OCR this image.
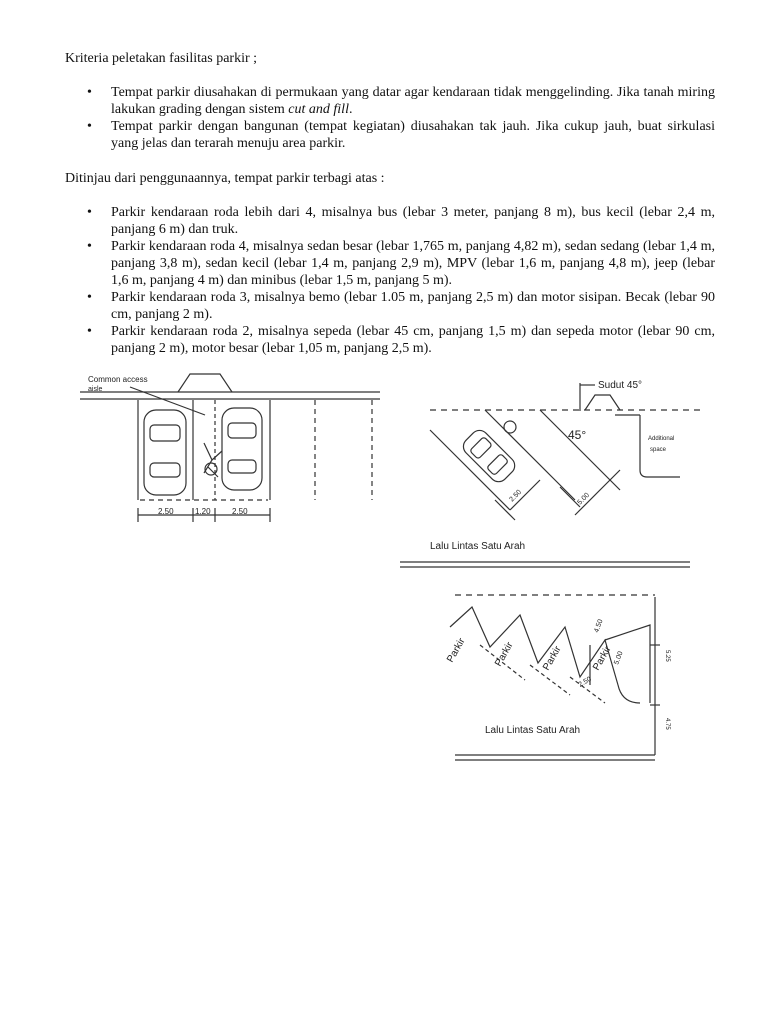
Kriteria peletakan fasilitas parkir ;

• Tempat parkir diusahakan di permukaan yang datar agar kendaraan tidak menggelinding. Jika tanah miring lakukan grading dengan sistem cut and fill.
• Tempat parkir dengan bangunan (tempat kegiatan) diusahakan tak jauh. Jika cukup jauh, buat sirkulasi yang jelas dan terarah menuju area parkir.

Ditinjau dari penggunaannya, tempat parkir terbagi atas :

• Parkir kendaraan roda lebih dari 4, misalnya bus (lebar 3 meter, panjang 8 m), bus kecil (lebar 2,4 m, panjang 6 m) dan truk.
• Parkir kendaraan roda 4, misalnya sedan besar (lebar 1,765 m, panjang 4,82 m), sedan sedang (lebar 1,4 m, panjang 3,8 m), sedan kecil (lebar 1,4 m, panjang 2,9 m), MPV (lebar 1,6 m, panjang 4,8 m), jeep (lebar 1,6 m, panjang 4 m) dan minibus (lebar 1,5 m, panjang 5 m).
• Parkir kendaraan roda 3, misalnya bemo (lebar 1.05 m, panjang 2,5 m) dan motor sisipan. Becak (lebar 90 cm, panjang 2 m).
• Parkir kendaraan roda 2, misalnya sepeda (lebar 45 cm, panjang 1,5 m) dan sepeda motor (lebar 90 cm, panjang 2 m), motor besar (lebar 1,05 m, panjang 2,5 m).
Common access
aisle
2.50	1.20	2.50
Sudut 45°
45°	Additional
space
2.50	5.00
Lalu Lintas Satu Arah
Parkir	Parkir	Parkir	Parkir 5.00
2.50
4.50
5.25
4.75
Lalu Lintas Satu Arah
